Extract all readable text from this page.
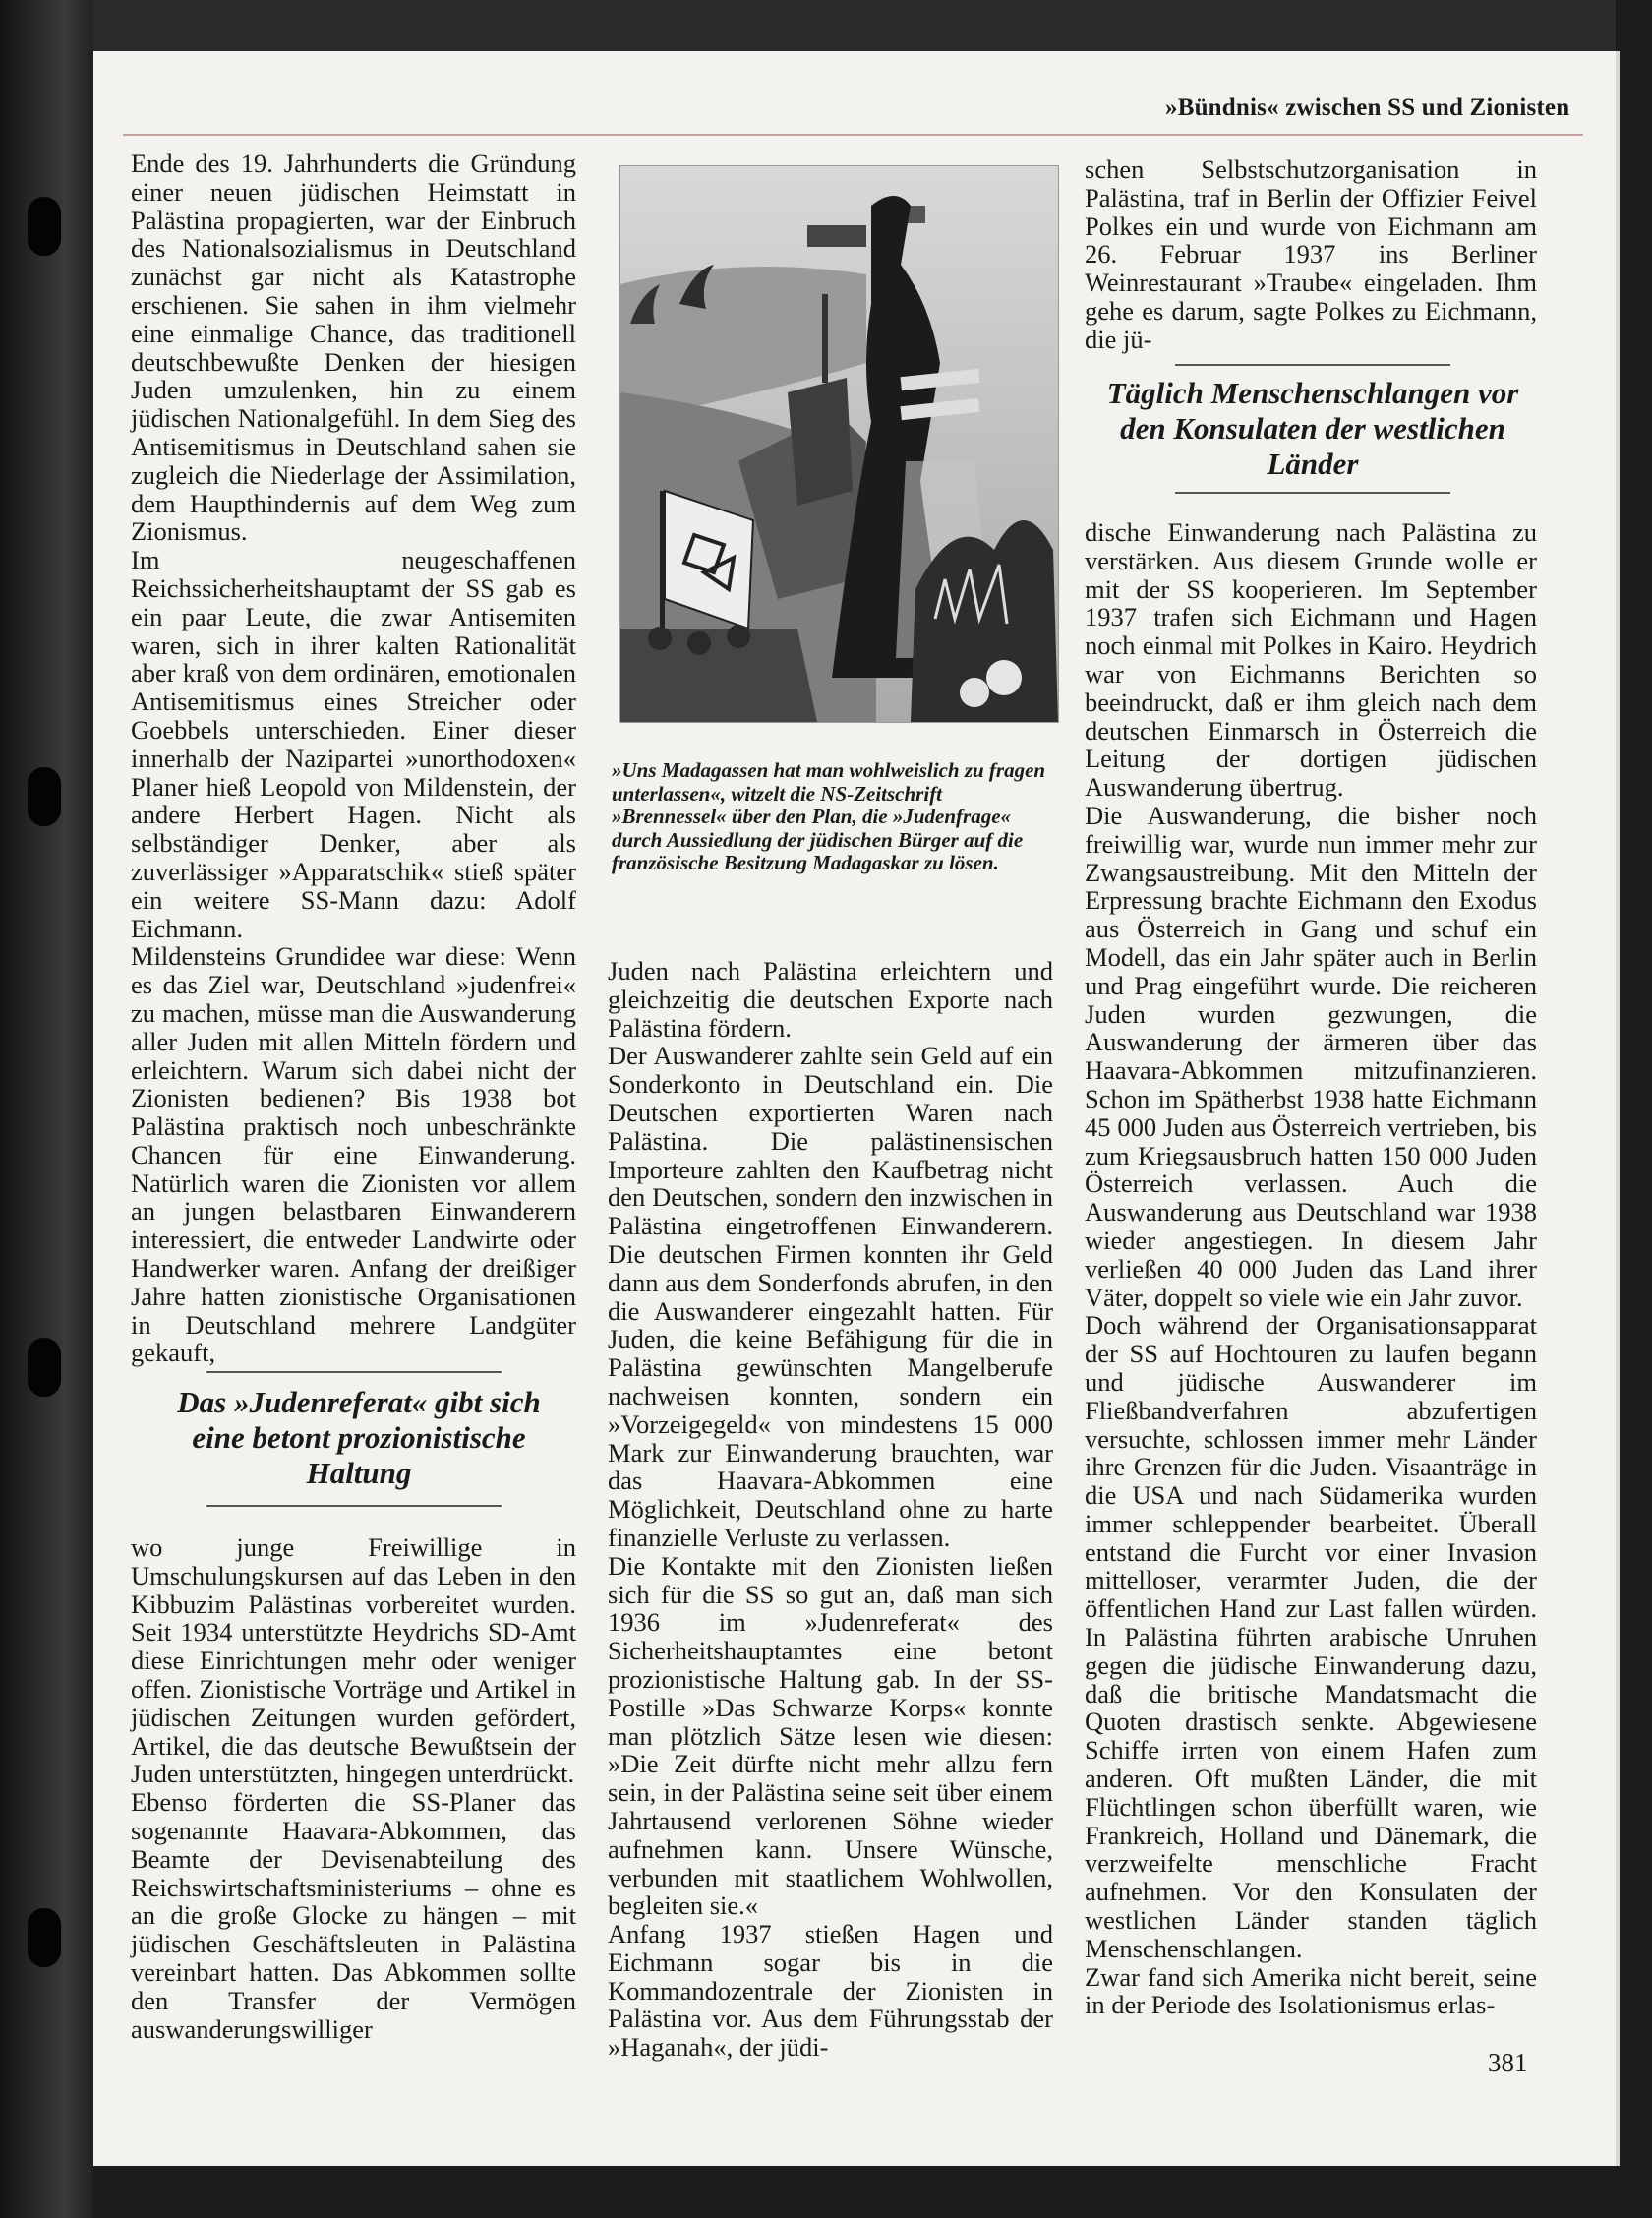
»Bündnis« zwischen SS und Zionisten

Ende des 19. Jahrhunderts die Gründung einer neuen jüdischen Heimstatt in Palästina propagierten, war der Einbruch des Nationalsozialismus in Deutschland zunächst gar nicht als Katastrophe erschienen. Sie sahen in ihm vielmehr eine einmalige Chance, das traditionell deutschbewußte Denken der hiesigen Juden umzulenken, hin zu einem jüdischen Nationalgefühl. In dem Sieg des Antisemitismus in Deutschland sahen sie zugleich die Niederlage der Assimilation, dem Haupthindernis auf dem Weg zum Zionismus.

Im neugeschaffenen Reichssicherheitshauptamt der SS gab es ein paar Leute, die zwar Antisemiten waren, sich in ihrer kalten Rationalität aber kraß von dem ordinären, emotionalen Antisemitismus eines Streicher oder Goebbels unterschieden. Einer dieser innerhalb der Nazipartei »unorthodoxen« Planer hieß Leopold von Mildenstein, der andere Herbert Hagen. Nicht als selbständiger Denker, aber als zuverlässiger »Apparatschik« stieß später ein weitere SS-Mann dazu: Adolf Eichmann.

Mildensteins Grundidee war diese: Wenn es das Ziel war, Deutschland »judenfrei« zu machen, müsse man die Auswanderung aller Juden mit allen Mitteln fördern und erleichtern. Warum sich dabei nicht der Zionisten bedienen? Bis 1938 bot Palästina praktisch noch unbeschränkte Chancen für eine Einwanderung. Natürlich waren die Zionisten vor allem an jungen belastbaren Einwanderern interessiert, die entweder Landwirte oder Handwerker waren. Anfang der dreißiger Jahre hatten zionistische Organisationen in Deutschland mehrere Landgüter gekauft,

Das »Judenreferat« gibt sich eine betont prozionistische Haltung

wo junge Freiwillige in Umschulungskursen auf das Leben in den Kibbuzim Palästinas vorbereitet wurden. Seit 1934 unterstützte Heydrichs SD-Amt diese Einrichtungen mehr oder weniger offen. Zionistische Vorträge und Artikel in jüdischen Zeitungen wurden gefördert, Artikel, die das deutsche Bewußtsein der Juden unterstützten, hingegen unterdrückt.

Ebenso förderten die SS-Planer das sogenannte Haavara-Abkommen, das Beamte der Devisenabteilung des Reichswirtschaftsministeriums – ohne es an die große Glocke zu hängen – mit jüdischen Geschäftsleuten in Palästina vereinbart hatten. Das Abkommen sollte den Transfer der Vermögen auswanderungswilliger

»Uns Madagassen hat man wohlweislich zu fragen unterlassen«, witzelt die NS-Zeitschrift »Brennessel« über den Plan, die »Judenfrage« durch Aussiedlung der jüdischen Bürger auf die französische Besitzung Madagaskar zu lösen.

Juden nach Palästina erleichtern und gleichzeitig die deutschen Exporte nach Palästina fördern.

Der Auswanderer zahlte sein Geld auf ein Sonderkonto in Deutschland ein. Die Deutschen exportierten Waren nach Palästina. Die palästinensischen Importeure zahlten den Kaufbetrag nicht den Deutschen, sondern den inzwischen in Palästina eingetroffenen Einwanderern. Die deutschen Firmen konnten ihr Geld dann aus dem Sonderfonds abrufen, in den die Auswanderer eingezahlt hatten. Für Juden, die keine Befähigung für die in Palästina gewünschten Mangelberufe nachweisen konnten, sondern ein »Vorzeigegeld« von mindestens 15 000 Mark zur Einwanderung brauchten, war das Haavara-Abkommen eine Möglichkeit, Deutschland ohne zu harte finanzielle Verluste zu verlassen.

Die Kontakte mit den Zionisten ließen sich für die SS so gut an, daß man sich 1936 im »Judenreferat« des Sicherheitshauptamtes eine betont prozionistische Haltung gab. In der SS-Postille »Das Schwarze Korps« konnte man plötzlich Sätze lesen wie diesen: »Die Zeit dürfte nicht mehr allzu fern sein, in der Palästina seine seit über einem Jahrtausend verlorenen Söhne wieder aufnehmen kann. Unsere Wünsche, verbunden mit staatlichem Wohlwollen, begleiten sie.«

Anfang 1937 stießen Hagen und Eichmann sogar bis in die Kommandozentrale der Zionisten in Palästina vor. Aus dem Führungsstab der »Haganah«, der jüdi-

schen Selbstschutzorganisation in Palästina, traf in Berlin der Offizier Feivel Polkes ein und wurde von Eichmann am 26. Februar 1937 ins Berliner Weinrestaurant »Traube« eingeladen. Ihm gehe es darum, sagte Polkes zu Eichmann, die jü-

Täglich Menschenschlangen vor den Konsulaten der westlichen Länder

dische Einwanderung nach Palästina zu verstärken. Aus diesem Grunde wolle er mit der SS kooperieren. Im September 1937 trafen sich Eichmann und Hagen noch einmal mit Polkes in Kairo. Heydrich war von Eichmanns Berichten so beeindruckt, daß er ihm gleich nach dem deutschen Einmarsch in Österreich die Leitung der dortigen jüdischen Auswanderung übertrug.

Die Auswanderung, die bisher noch freiwillig war, wurde nun immer mehr zur Zwangsaustreibung. Mit den Mitteln der Erpressung brachte Eichmann den Exodus aus Österreich in Gang und schuf ein Modell, das ein Jahr später auch in Berlin und Prag eingeführt wurde. Die reicheren Juden wurden gezwungen, die Auswanderung der ärmeren über das Haavara-Abkommen mitzufinanzieren. Schon im Spätherbst 1938 hatte Eichmann 45 000 Juden aus Österreich vertrieben, bis zum Kriegsausbruch hatten 150 000 Juden Österreich verlassen. Auch die Auswanderung aus Deutschland war 1938 wieder angestiegen. In diesem Jahr verließen 40 000 Juden das Land ihrer Väter, doppelt so viele wie ein Jahr zuvor.

Doch während der Organisationsapparat der SS auf Hochtouren zu laufen begann und jüdische Auswanderer im Fließbandverfahren abzufertigen versuchte, schlossen immer mehr Länder ihre Grenzen für die Juden. Visaanträge in die USA und nach Südamerika wurden immer schleppender bearbeitet. Überall entstand die Furcht vor einer Invasion mittelloser, verarmter Juden, die der öffentlichen Hand zur Last fallen würden. In Palästina führten arabische Unruhen gegen die jüdische Einwanderung dazu, daß die britische Mandatsmacht die Quoten drastisch senkte. Abgewiesene Schiffe irrten von einem Hafen zum anderen. Oft mußten Länder, die mit Flüchtlingen schon überfüllt waren, wie Frankreich, Holland und Dänemark, die verzweifelte menschliche Fracht aufnehmen. Vor den Konsulaten der westlichen Länder standen täglich Menschenschlangen.

Zwar fand sich Amerika nicht bereit, seine in der Periode des Isolationismus erlas-

381
